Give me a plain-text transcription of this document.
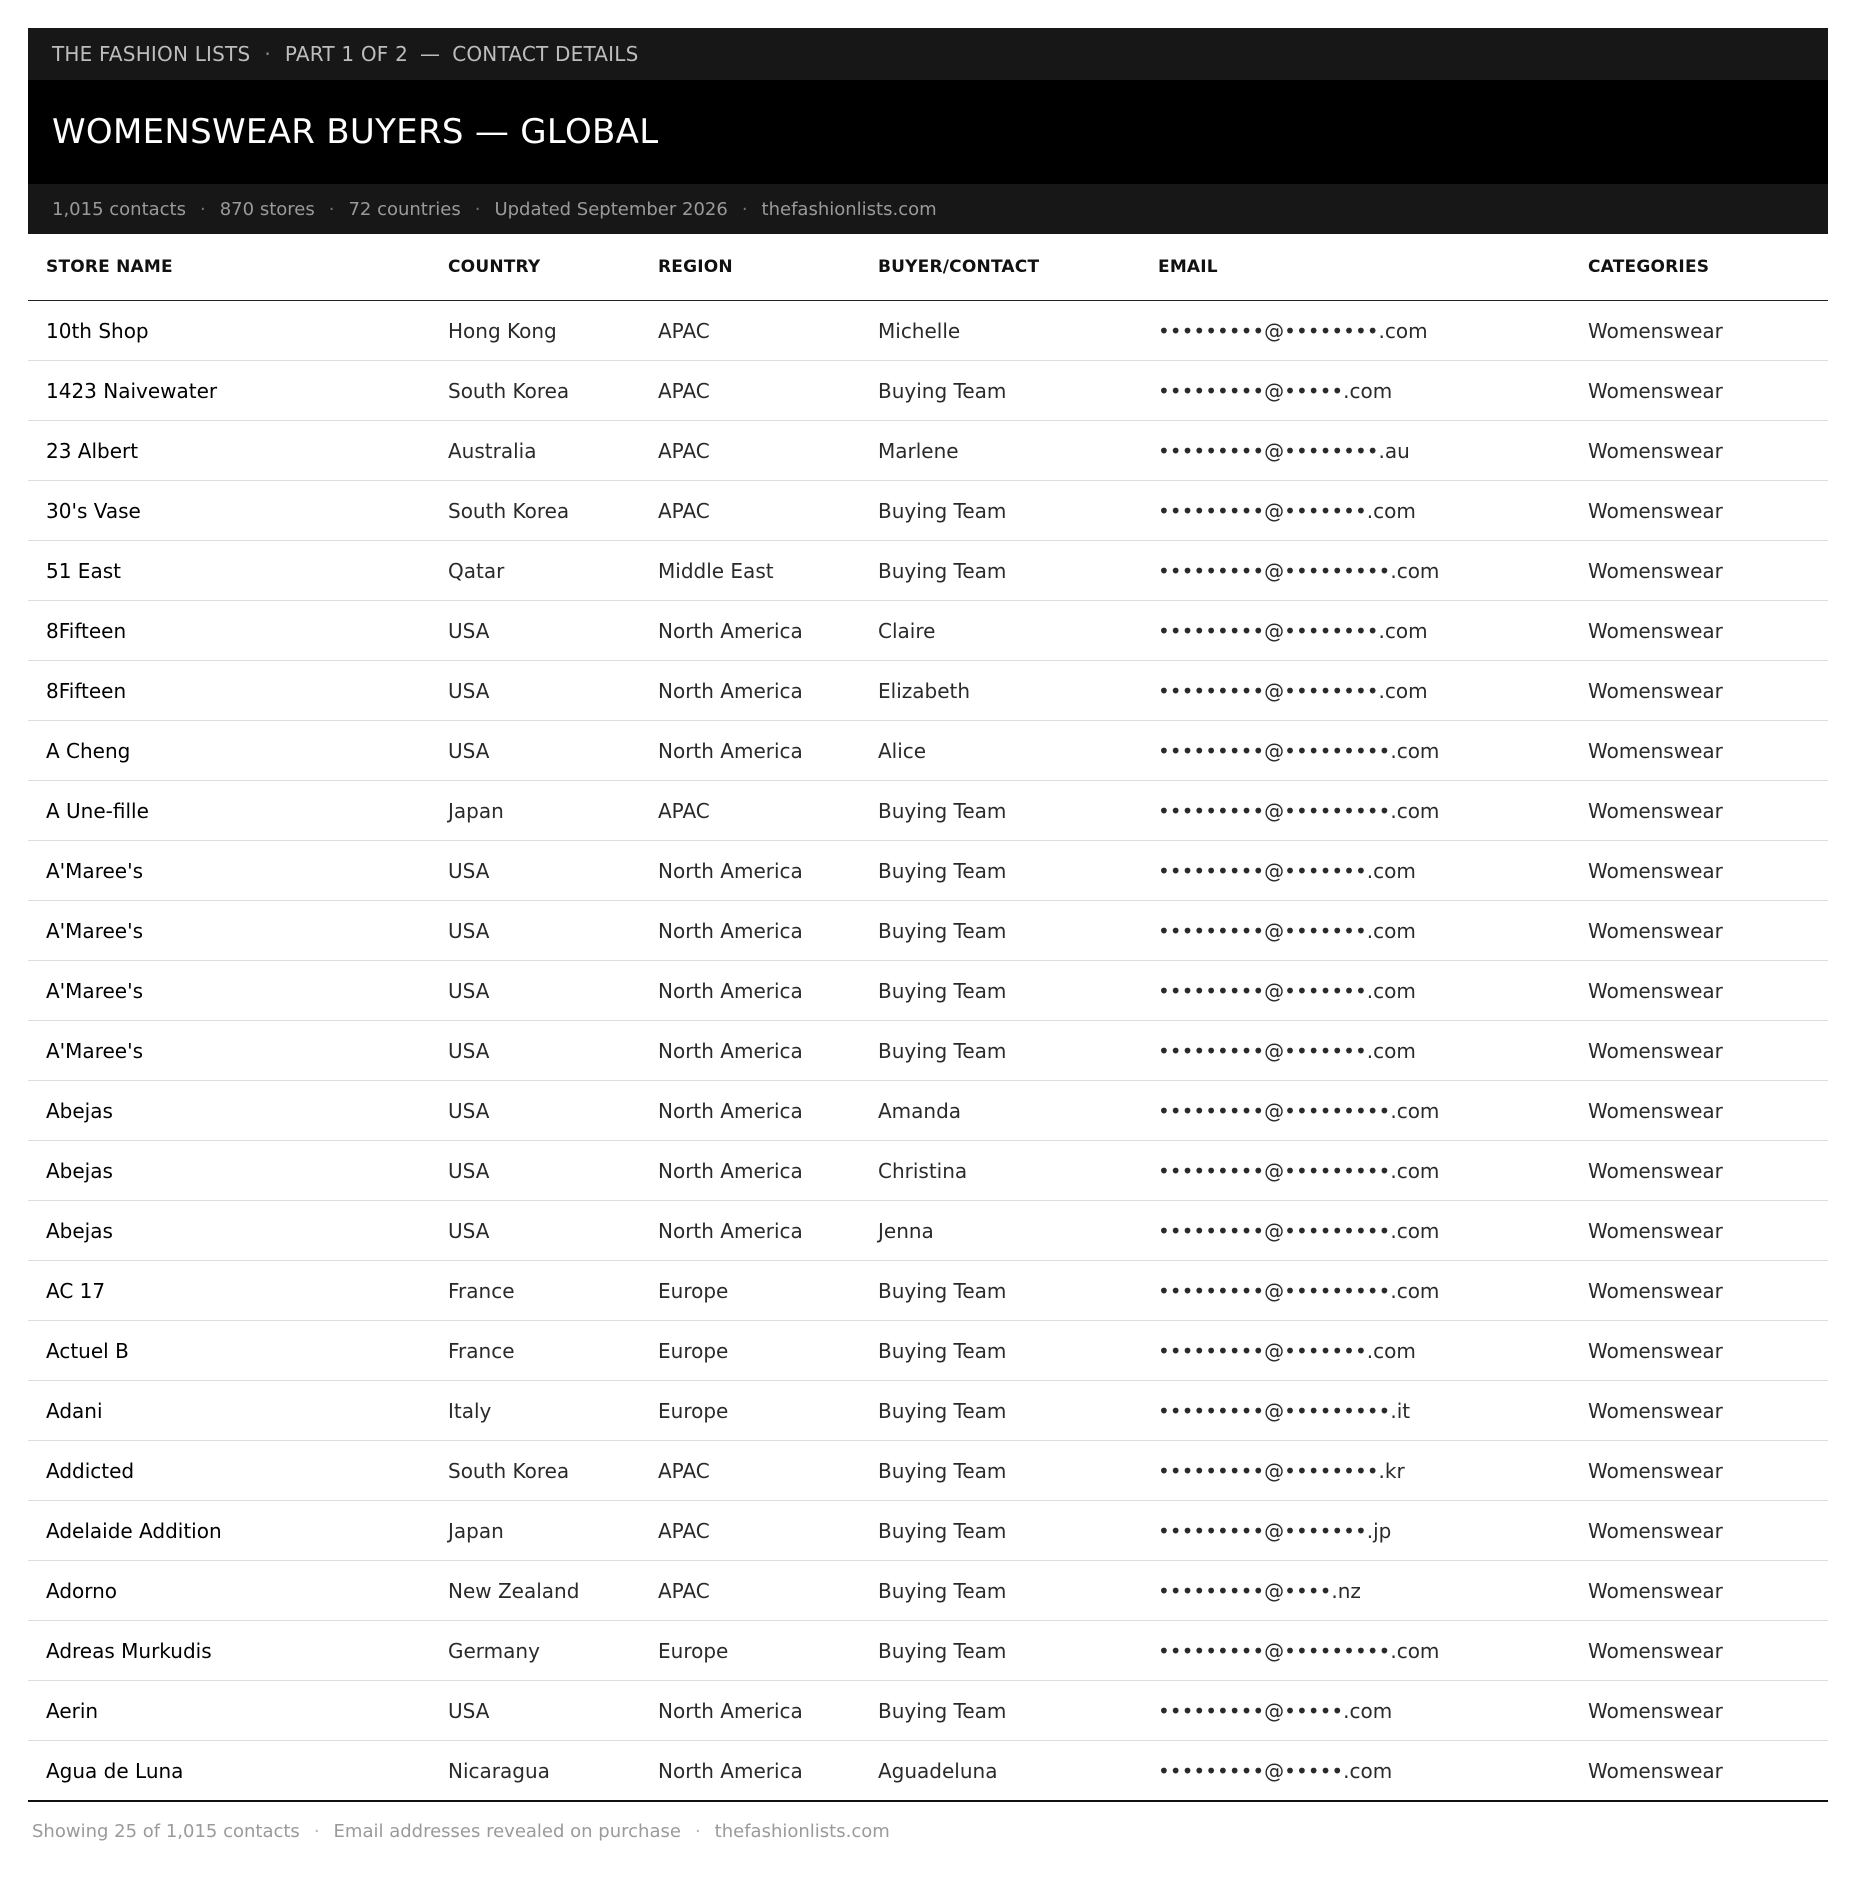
THE FASHION LISTS · PART 1 OF 2 — CONTACT DETAILS
WOMENSWEAR BUYERS — GLOBAL
1,015 contacts · 870 stores · 72 countries · Updated September 2026 · thefashionlists.com
STORE NAME	COUNTRY	REGION	BUYER/CONTACT	EMAIL	CATEGORIES
10th Shop	Hong Kong	APAC	Michelle	•••••••••@••••••••.com	Womenswear
1423 Naivewater	South Korea	APAC	Buying Team	•••••••••@•••••.com	Womenswear
23 Albert	Australia	APAC	Marlene	•••••••••@••••••••.au	Womenswear
30's Vase	South Korea	APAC	Buying Team	•••••••••@•••••••.com	Womenswear
51 East	Qatar	Middle East	Buying Team	•••••••••@•••••••••.com	Womenswear
8Fifteen	USA	North America	Claire	•••••••••@••••••••.com	Womenswear
8Fifteen	USA	North America	Elizabeth	•••••••••@••••••••.com	Womenswear
A Cheng	USA	North America	Alice	•••••••••@•••••••••.com	Womenswear
A Une-fille	Japan	APAC	Buying Team	•••••••••@•••••••••.com	Womenswear
A'Maree's	USA	North America	Buying Team	•••••••••@•••••••.com	Womenswear
A'Maree's	USA	North America	Buying Team	•••••••••@•••••••.com	Womenswear
A'Maree's	USA	North America	Buying Team	•••••••••@•••••••.com	Womenswear
A'Maree's	USA	North America	Buying Team	•••••••••@•••••••.com	Womenswear
Abejas	USA	North America	Amanda	•••••••••@•••••••••.com	Womenswear
Abejas	USA	North America	Christina	•••••••••@•••••••••.com	Womenswear
Abejas	USA	North America	Jenna	•••••••••@•••••••••.com	Womenswear
AC 17	France	Europe	Buying Team	•••••••••@•••••••••.com	Womenswear
Actuel B	France	Europe	Buying Team	•••••••••@•••••••.com	Womenswear
Adani	Italy	Europe	Buying Team	•••••••••@•••••••••.it	Womenswear
Addicted	South Korea	APAC	Buying Team	•••••••••@••••••••.kr	Womenswear
Adelaide Addition	Japan	APAC	Buying Team	•••••••••@•••••••.jp	Womenswear
Adorno	New Zealand	APAC	Buying Team	•••••••••@••••.nz	Womenswear
Adreas Murkudis	Germany	Europe	Buying Team	•••••••••@•••••••••.com	Womenswear
Aerin	USA	North America	Buying Team	•••••••••@•••••.com	Womenswear
Agua de Luna	Nicaragua	North America	Aguadeluna	•••••••••@•••••.com	Womenswear
Showing 25 of 1,015 contacts · Email addresses revealed on purchase · thefashionlists.com
